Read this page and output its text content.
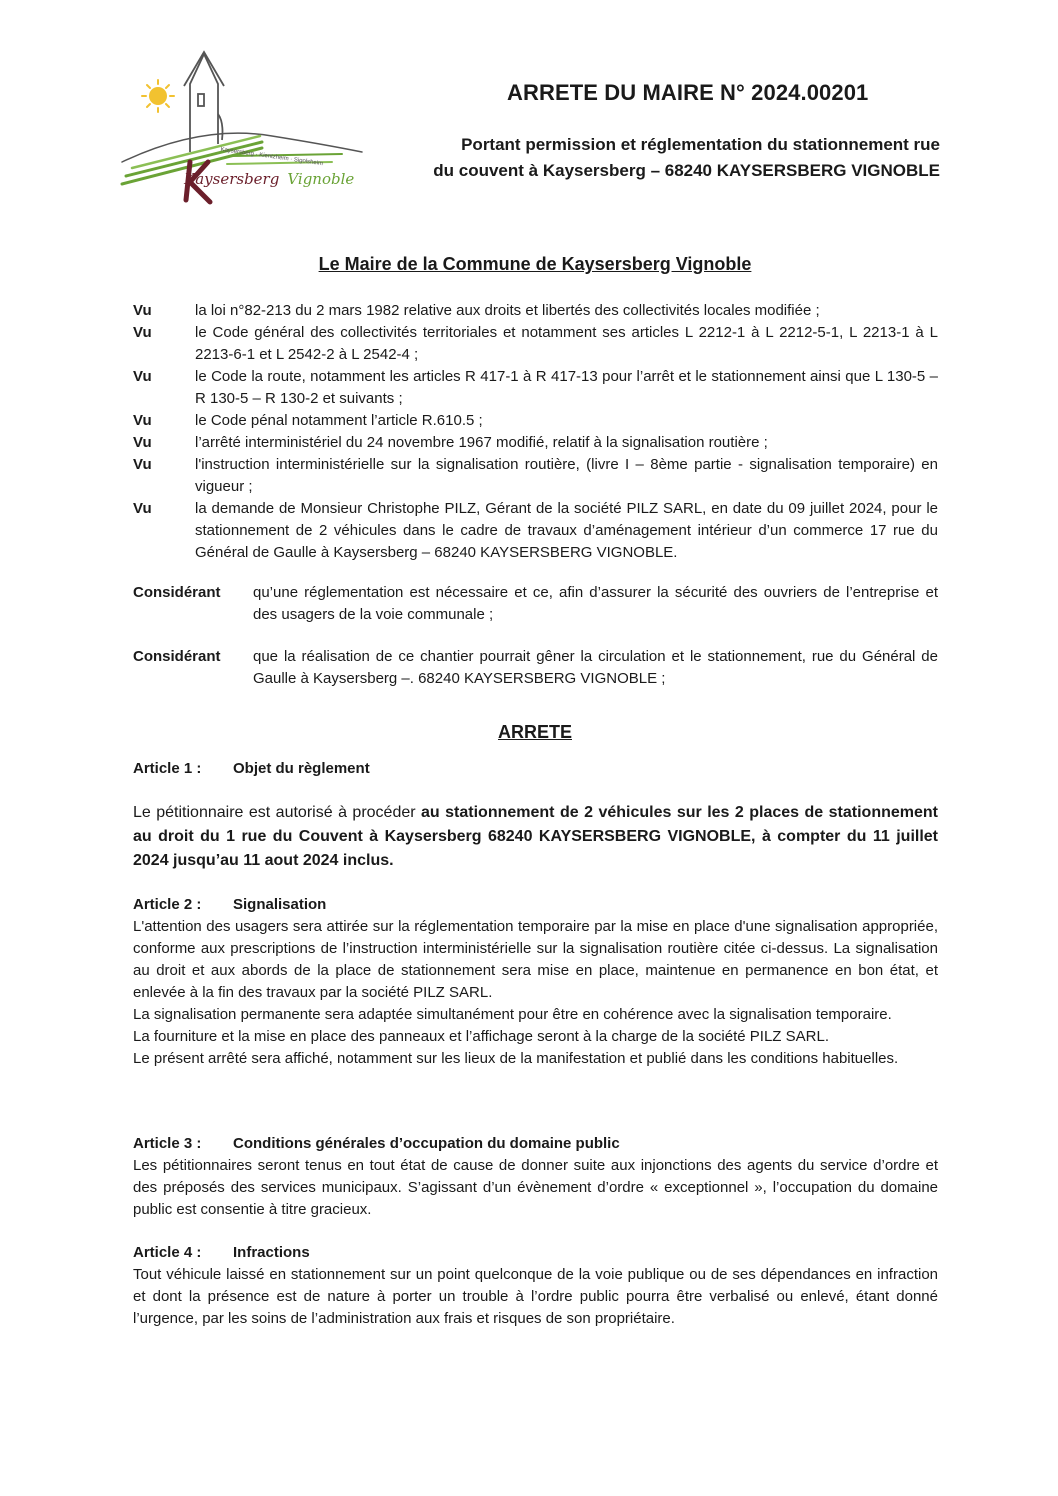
Kaysersberg · Kientzheim · Sigolsheim
Kaysersberg Vignoble
ARRETE DU MAIRE N° 2024.00201
Portant permission et réglementation du stationnement rue
du couvent à Kaysersberg – 68240 KAYSERSBERG VIGNOBLE
Le Maire de la Commune de Kaysersberg Vignoble
Vu	la loi n°82-213 du 2 mars 1982 relative aux droits et libertés des collectivités locales modifiée ;
Vu	le Code général des collectivités territoriales et notamment ses articles L 2212-1 à L 2212-5-1, L 2213-1 à L 2213-6-1 et L 2542-2 à L 2542-4 ;
Vu	le Code la route, notamment les articles R 417-1 à R 417-13 pour l’arrêt et le stationnement ainsi que L 130-5 – R 130-5 – R 130-2 et suivants ;
Vu	le Code pénal notamment l’article R.610.5 ;
Vu	l’arrêté interministériel du 24 novembre 1967 modifié, relatif à la signalisation routière ;
Vu	l'instruction interministérielle sur la signalisation routière, (livre I – 8ème partie - signalisation temporaire) en vigueur ;
Vu	la demande de Monsieur Christophe PILZ, Gérant de la société PILZ SARL, en date du 09 juillet 2024, pour le stationnement de 2 véhicules dans le cadre de travaux d’aménagement intérieur d’un commerce 17 rue du Général de Gaulle à Kaysersberg – 68240 KAYSERSBERG VIGNOBLE.
Considérant	qu’une réglementation est nécessaire et ce, afin d’assurer la sécurité des ouvriers de l’entreprise et des usagers de la voie communale ;
Considérant	que la réalisation de ce chantier pourrait gêner la circulation et le stationnement, rue du Général de Gaulle à Kaysersberg –. 68240 KAYSERSBERG VIGNOBLE ;
ARRETE
Article 1 : Objet du règlement
Le pétitionnaire est autorisé à procéder au stationnement de 2 véhicules sur les 2 places de stationnement au droit du 1 rue du Couvent à Kaysersberg 68240 KAYSERSBERG VIGNOBLE, à compter du 11 juillet 2024 jusqu’au 11 aout 2024 inclus.
Article 2 : Signalisation

L'attention des usagers sera attirée sur la réglementation temporaire par la mise en place d'une signalisation appropriée, conforme aux prescriptions de l’instruction interministérielle sur la signalisation routière citée ci-dessus. La signalisation au droit et aux abords de la place de stationnement sera mise en place, maintenue en permanence en bon état, et enlevée à la fin des travaux par la société PILZ SARL.

La signalisation permanente sera adaptée simultanément pour être en cohérence avec la signalisation temporaire.

La fourniture et la mise en place des panneaux et l’affichage seront à la charge de la société PILZ SARL.

Le présent arrêté sera affiché, notamment sur les lieux de la manifestation et publié dans les conditions habituelles.

Article 3 : Conditions générales d’occupation du domaine public
Les pétitionnaires seront tenus en tout état de cause de donner suite aux injonctions des agents du service d’ordre et des préposés des services municipaux. S’agissant d’un évènement d’ordre « exceptionnel », l’occupation du domaine public est consentie à titre gracieux.
Article 4 : Infractions
Tout véhicule laissé en stationnement sur un point quelconque de la voie publique ou de ses dépendances en infraction et dont la présence est de nature à porter un trouble à l’ordre public pourra être verbalisé ou enlevé, étant donné l’urgence, par les soins de l’administration aux frais et risques de son propriétaire.
